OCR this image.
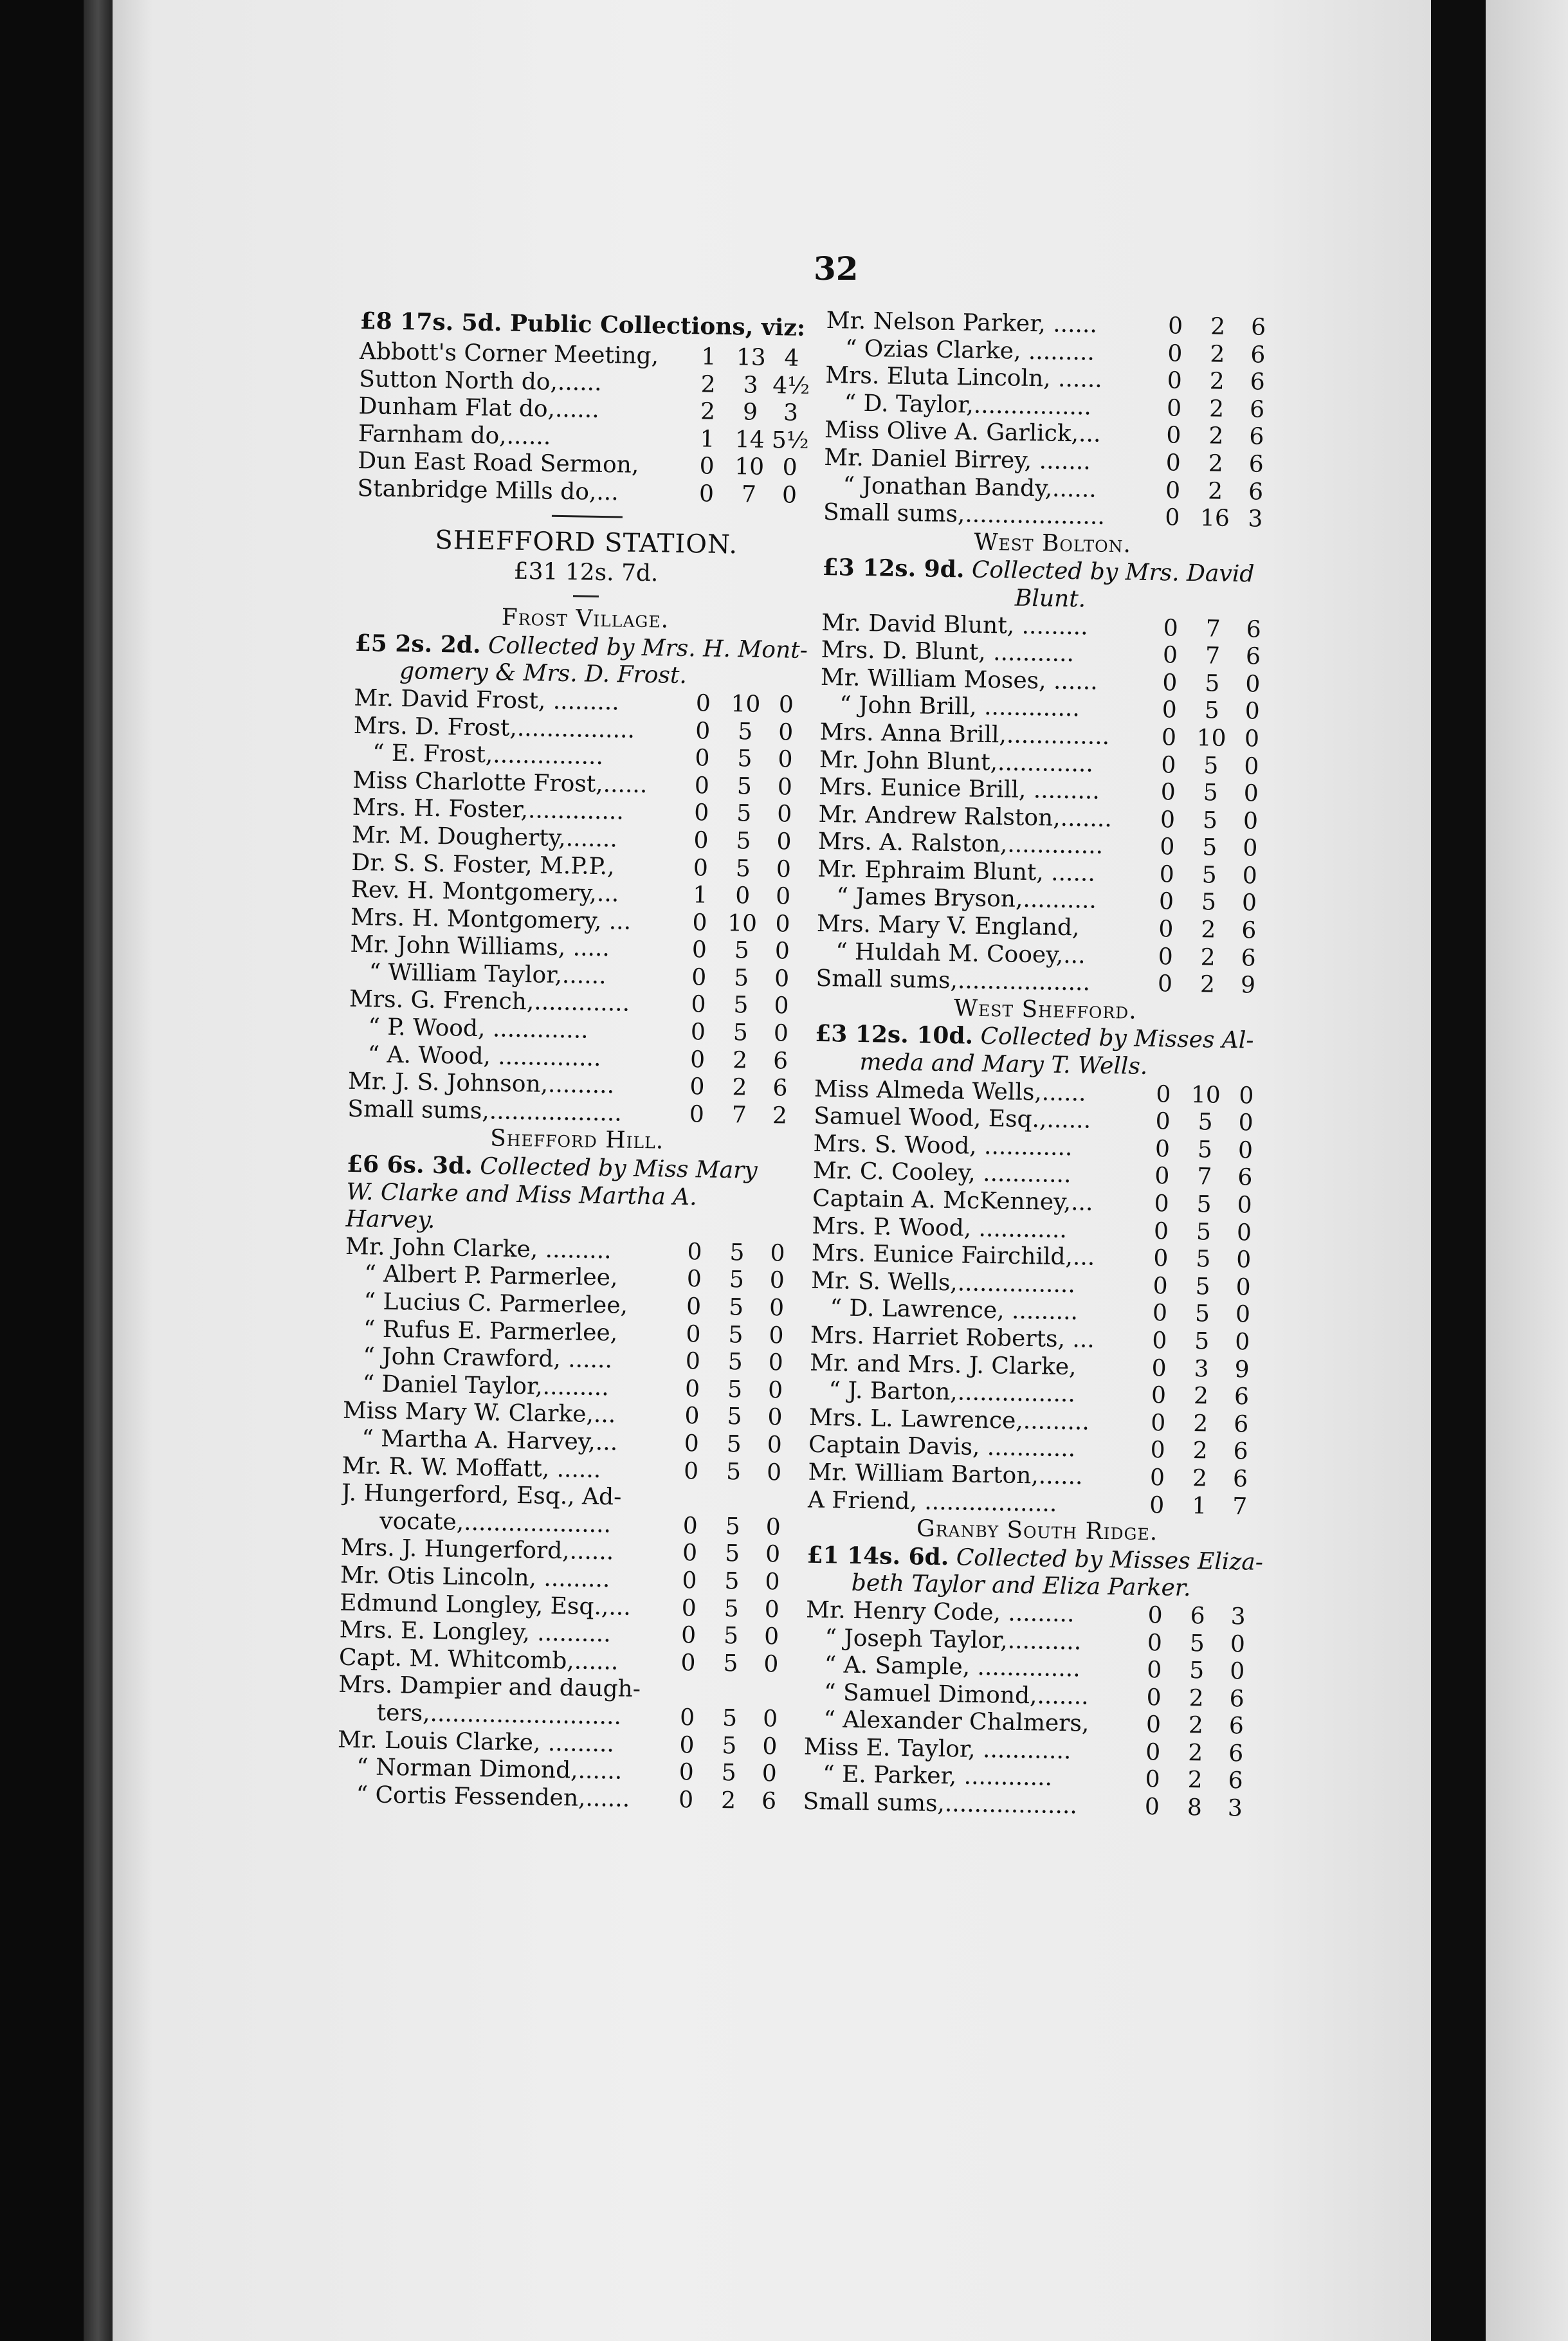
32
£8 17s. 5d. Public Collections, viz:
Abbott's Corner Meeting,	1 13 4
Sutton North do,......	2	3 4½
Dunham Flat do,......	2	9	3
Farnham do,......	1 14 5½
Dun East Road Sermon,	0 10 0
Stanbridge Mills do,...	0	7	0
SHEFFORD STATION.
£31 12s. 7d.
Frost Village.
£5 2s. 2d. Collected by Mrs. H. Mont-
gomery & Mrs. D. Frost.
Mr. David Frost, .........	0 10 0
Mrs. D. Frost,................	0	5	0
“ E. Frost,...............	0	5	0
Miss Charlotte Frost,......	0	5	0
Mrs. H. Foster,.............	0	5	0
Mr. M. Dougherty,.......	0	5	0
Dr. S. S. Foster, M.P.P.,	0	5	0
Rev. H. Montgomery,...	1	0	0
Mrs. H. Montgomery, ...	0 10 0
Mr. John Williams, .....	0	5	0
“ William Taylor,......	0	5	0
Mrs. G. French,.............	0	5	0
“ P. Wood, .............	0	5	0
“ A. Wood, ..............	0	2	6
Mr. J. S. Johnson,.........	0	2	6
Small sums,..................	0	7	2
Shefford Hill.
£6 6s. 3d. Collected by Miss Mary
W. Clarke and Miss Martha A.
Harvey.
Mr. John Clarke, .........	0	5	0
“ Albert P. Parmerlee,	0	5	0
“ Lucius C. Parmerlee,	0	5	0
“ Rufus E. Parmerlee,	0	5	0
“ John Crawford, ......	0	5	0
“ Daniel Taylor,.........	0	5	0
Miss Mary W. Clarke,...	0	5	0
“ Martha A. Harvey,...	0	5	0
Mr. R. W. Moffatt, ......	0	5	0
J. Hungerford, Esq., Ad-
vocate,....................	0	5	0
Mrs. J. Hungerford,......	0	5	0
Mr. Otis Lincoln, .........	0	5	0
Edmund Longley, Esq.,...	0	5	0
Mrs. E. Longley, ..........	0	5	0
Capt. M. Whitcomb,......	0	5	0
Mrs. Dampier and daugh-
ters,..........................	0	5	0
Mr. Louis Clarke, .........	0	5	0
“ Norman Dimond,......	0	5	0
“ Cortis Fessenden,......	0	2	6
Mr. Nelson Parker, ......	0	2	6
“ Ozias Clarke, .........	0	2	6
Mrs. Eluta Lincoln, ......	0	2	6
“ D. Taylor,................	0	2	6
Miss Olive A. Garlick,...	0	2	6
Mr. Daniel Birrey, .......	0	2	6
“ Jonathan Bandy,......	0	2	6
Small sums,...................	0 16 3
West Bolton.
£3 12s. 9d. Collected by Mrs. David
Blunt.
Mr. David Blunt, .........	0	7	6
Mrs. D. Blunt, ...........	0	7	6
Mr. William Moses, ......	0	5	0
“ John Brill, .............	0	5	0
Mrs. Anna Brill,..............	0 10 0
Mr. John Blunt,.............	0	5	0
Mrs. Eunice Brill, .........	0	5	0
Mr. Andrew Ralston,.......	0	5	0
Mrs. A. Ralston,.............	0	5	0
Mr. Ephraim Blunt, ......	0	5	0
“ James Bryson,..........	0	5	0
Mrs. Mary V. England,	0	2	6
“ Huldah M. Cooey,...	0	2	6
Small sums,..................	0	2	9
West Shefford.
£3 12s. 10d. Collected by Misses Al-
meda and Mary T. Wells.
Miss Almeda Wells,......	0 10 0
Samuel Wood, Esq.,......	0	5	0
Mrs. S. Wood, ............	0	5	0
Mr. C. Cooley, ............	0	7	6
Captain A. McKenney,...	0	5	0
Mrs. P. Wood, ............	0	5	0
Mrs. Eunice Fairchild,...	0	5	0
Mr. S. Wells,................	0	5	0
“ D. Lawrence, .........	0	5	0
Mrs. Harriet Roberts, ...	0	5	0
Mr. and Mrs. J. Clarke,	0	3	9
“ J. Barton,................	0	2	6
Mrs. L. Lawrence,.........	0	2	6
Captain Davis, ............	0	2	6
Mr. William Barton,......	0	2	6
A Friend, ..................	0	1	7
Granby South Ridge.
£1 14s. 6d. Collected by Misses Eliza-
beth Taylor and Eliza Parker.
Mr. Henry Code, .........	0	6	3
“ Joseph Taylor,..........	0	5	0
“ A. Sample, ..............	0	5	0
“ Samuel Dimond,.......	0	2	6
“ Alexander Chalmers,	0	2	6
Miss E. Taylor, ............	0	2	6
“ E. Parker, ............	0	2	6
Small sums,..................	0	8	3
